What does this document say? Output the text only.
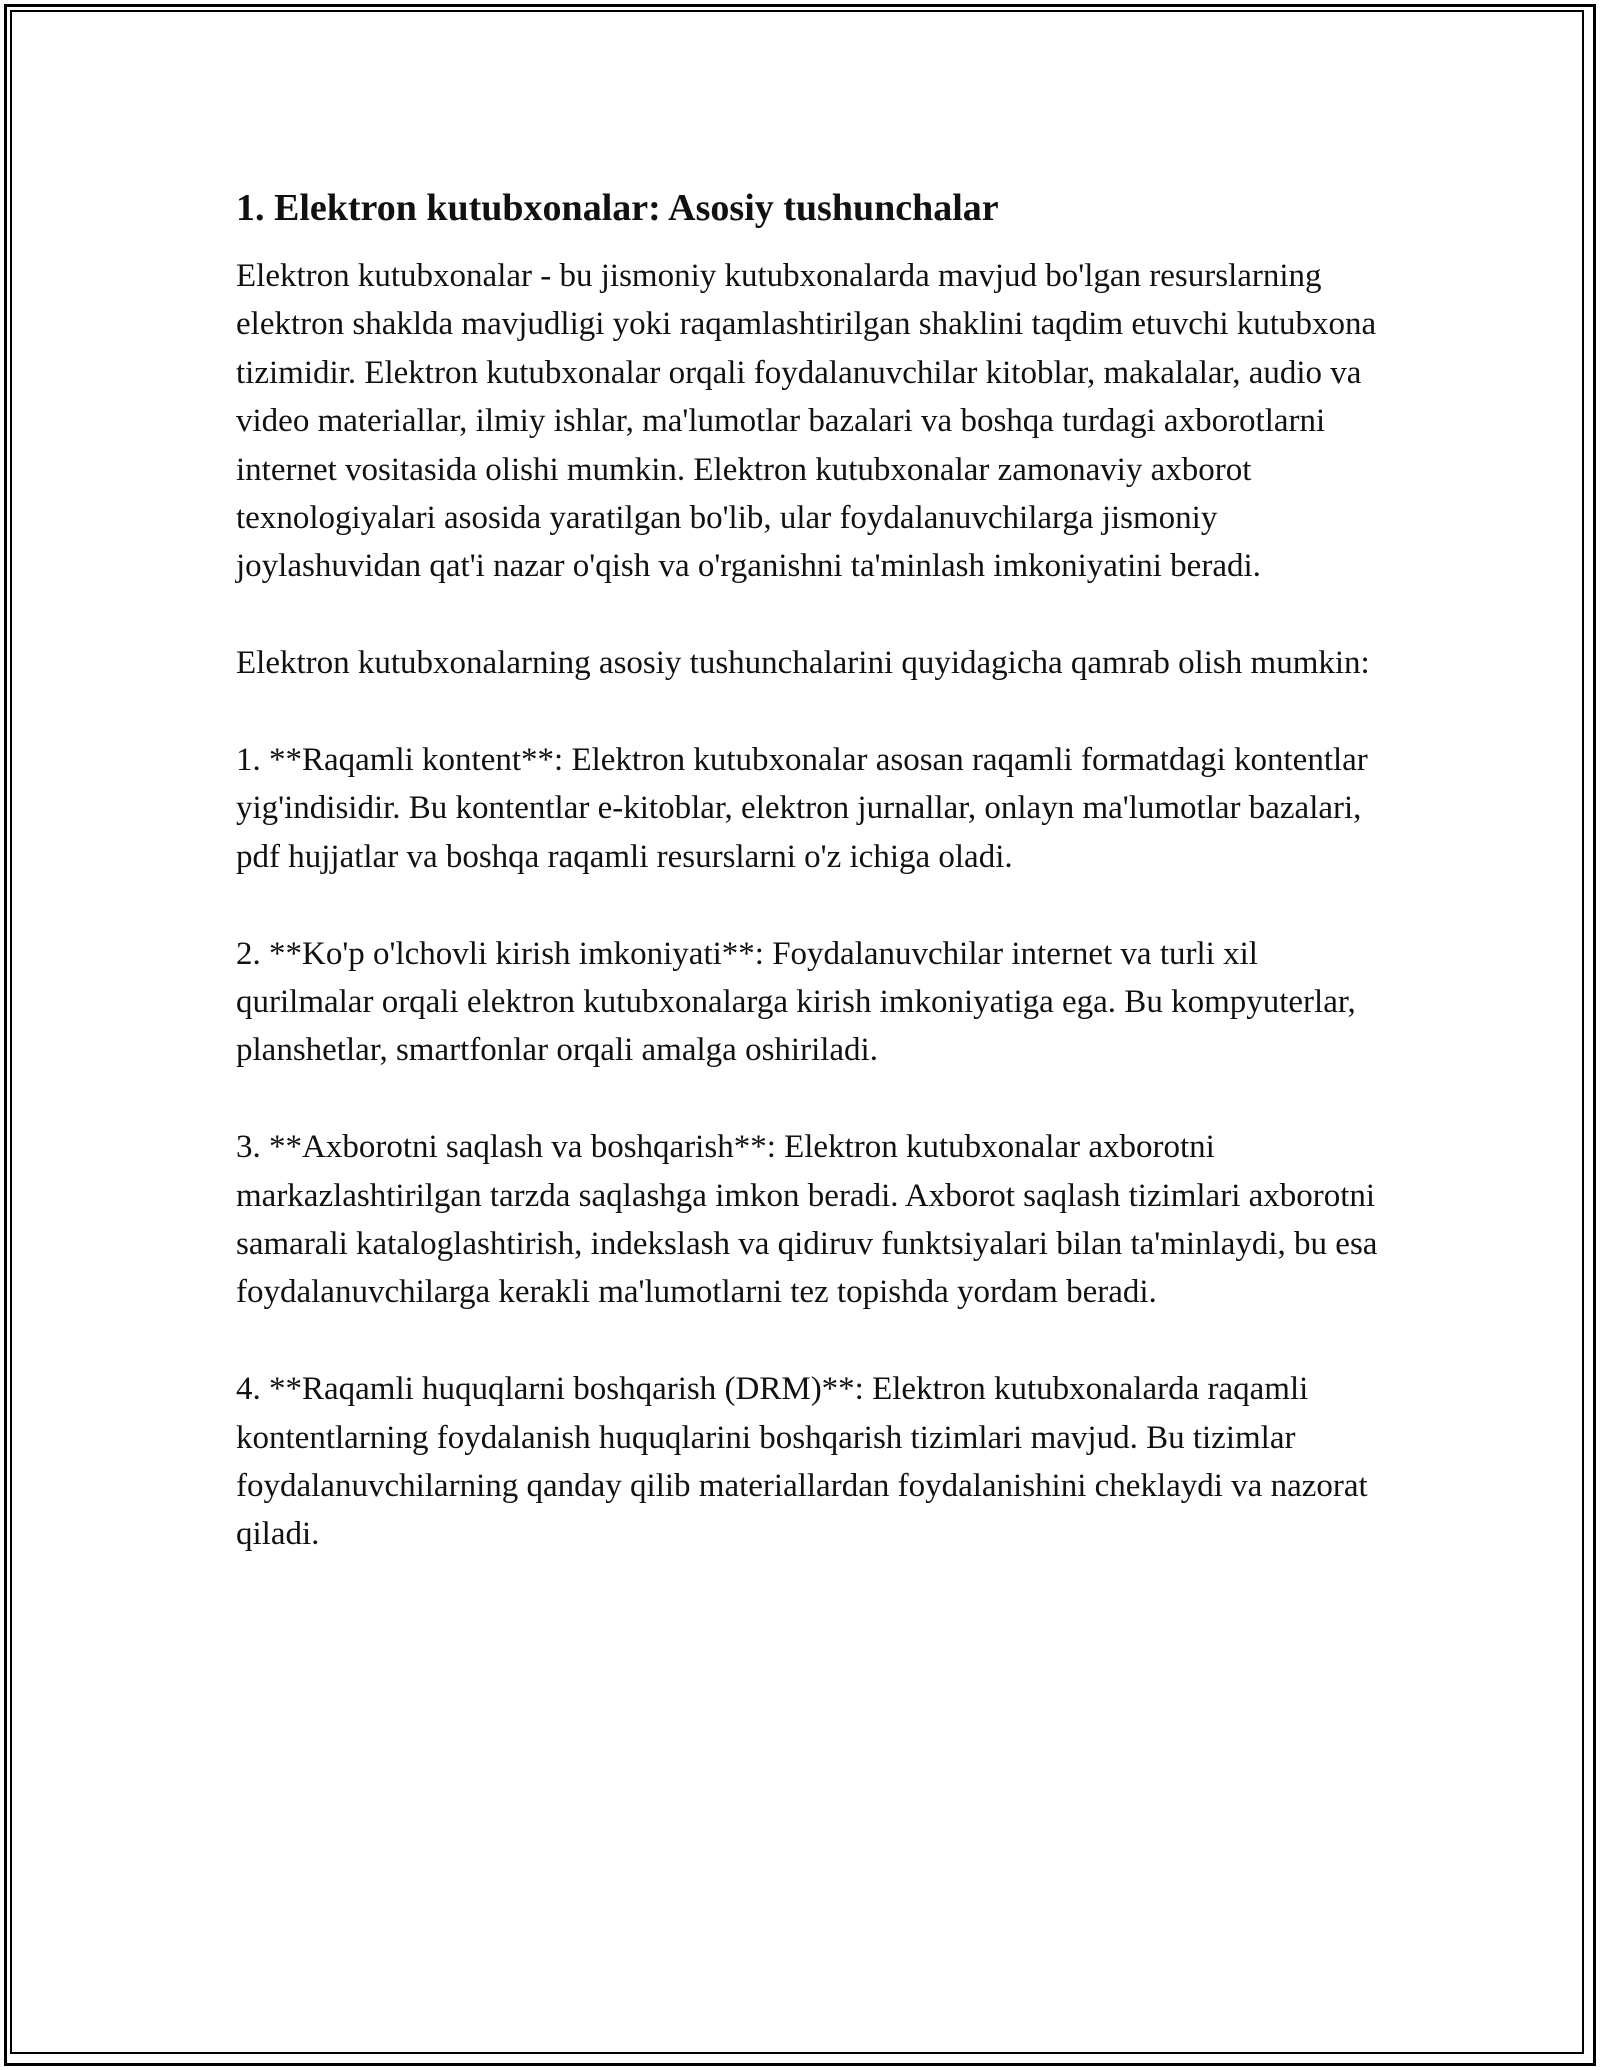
1. Elektron kutubxonalar: Asosiy tushunchalar

Elektron kutubxonalar - bu jismoniy kutubxonalarda mavjud bo'lgan resurslarning elektron shakldа mavjudligi yoki raqamlashtirilgan shaklini taqdim etuvchi kutubxona tizimidir. Elektron kutubxonalar orqali foydalanuvchilar kitoblar, makalalar, audio va video materiallar, ilmiy ishlar, ma'lumotlar bazalari va boshqa turdagi axborotlarni internet vositasida olishi mumkin. Elektron kutubxonalar zamonaviy axborot texnologiyalari asosida yaratilgan bo'lib, ular foydalanuvchilarga jismoniy joylashuvidan qat'i nazar o'qish va o'rganishni ta'minlash imkoniyatini beradi.

Elektron kutubxonalarning asosiy tushunchalarini quyidagicha qamrab olish mumkin:

1. **Raqamli kontent**: Elektron kutubxonalar asosan raqamli formatdagi kontentlar yig'indisidir. Bu kontentlar e-kitoblar, elektron jurnallar, onlayn ma'lumotlar bazalari, pdf hujjatlar va boshqa raqamli resurslarni o'z ichiga oladi.

2. **Ko'p o'lchovli kirish imkoniyati**: Foydalanuvchilar internet va turli xil qurilmalar orqali elektron kutubxonalarga kirish imkoniyatiga ega. Bu kompyuterlar, planshetlar, smartfonlar orqali amalga oshiriladi.

3. **Axborotni saqlash va boshqarish**: Elektron kutubxonalar axborotni markazlashtirilgan tarzda saqlashga imkon beradi. Axborot saqlash tizimlari axborotni samarali kataloglashtirish, indekslash va qidiruv funktsiyalari bilan ta'minlaydi, bu esa foydalanuvchilarga kerakli ma'lumotlarni tez topishda yordam beradi.

4. **Raqamli huquqlarni boshqarish (DRM)**: Elektron kutubxonalarda raqamli kontentlarning foydalanish huquqlarini boshqarish tizimlari mavjud. Bu tizimlar foydalanuvchilarning qanday qilib materiallardan foydalanishini cheklaydi va nazorat qiladi.
